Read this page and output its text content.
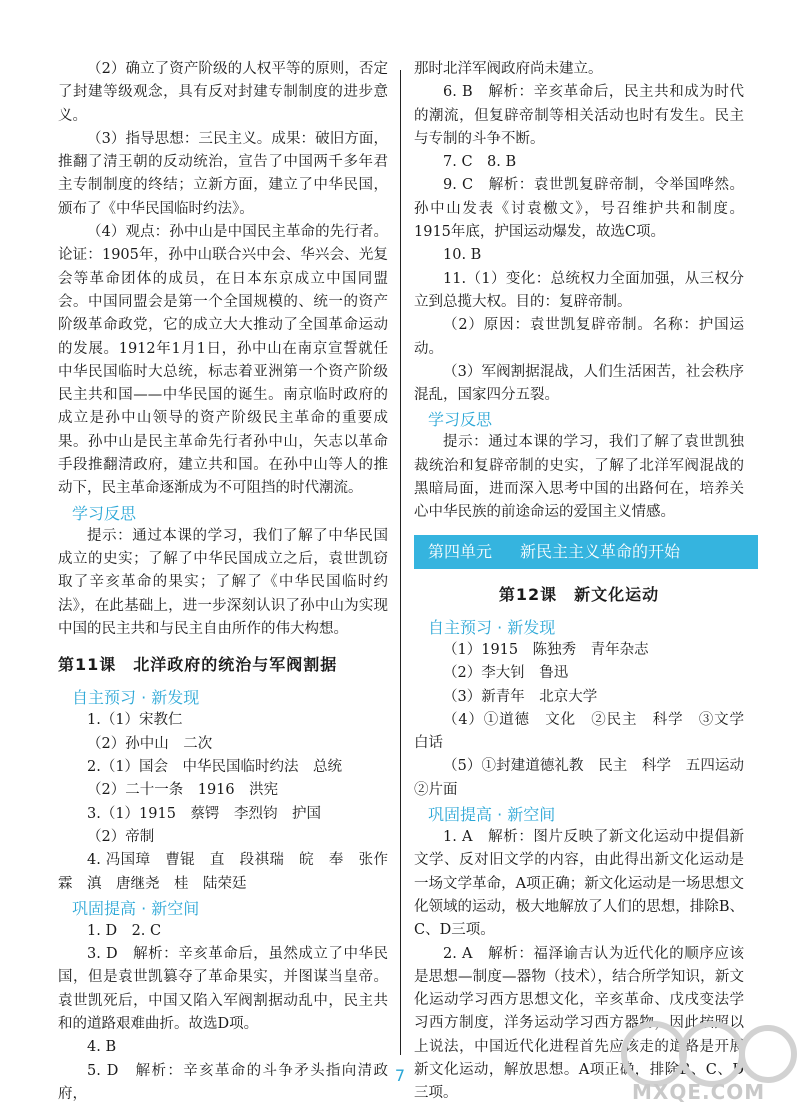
（2）确立了资产阶级的人权平等的原则，否定了封建等级观念，具有反对封建专制制度的进步意义。

（3）指导思想：三民主义。成果：破旧方面，推翻了清王朝的反动统治，宣告了中国两千多年君主专制制度的终结；立新方面，建立了中华民国，颁布了《中华民国临时约法》。

（4）观点：孙中山是中国民主革命的先行者。论证：1905年，孙中山联合兴中会、华兴会、光复会等革命团体的成员，在日本东京成立中国同盟会。中国同盟会是第一个全国规模的、统一的资产阶级革命政党，它的成立大大推动了全国革命运动的发展。1912年1月1日，孙中山在南京宣誓就任中华民国临时大总统，标志着亚洲第一个资产阶级民主共和国——中华民国的诞生。南京临时政府的成立是孙中山领导的资产阶级民主革命的重要成果。孙中山是民主革命先行者孙中山，矢志以革命手段推翻清政府，建立共和国。在孙中山等人的推动下，民主革命逐渐成为不可阻挡的时代潮流。

学习反思

提示：通过本课的学习，我们了解了中华民国成立的史实；了解了中华民国成立之后，袁世凯窃取了辛亥革命的果实；了解了《中华民国临时约法》，在此基础上，进一步深刻认识了孙中山为实现中国的民主共和与民主自由所作的伟大构想。

第11课　北洋政府的统治与军阀割据
自主预习 · 新发现

1.（1）宋教仁

（2）孙中山　二次

2.（1）国会　中华民国临时约法　总统

（2）二十一条　1916　洪宪

3.（1）1915　蔡锷　李烈钧　护国

（2）帝制

4. 冯国璋　曹锟　直　段祺瑞　皖　奉　张作霖　滇　唐继尧　桂　陆荣廷

巩固提高 · 新空间

1. D　2. C

3. D　解析：辛亥革命后，虽然成立了中华民国，但是袁世凯篡夺了革命果实，并图谋当皇帝。袁世凯死后，中国又陷入军阀割据动乱中，民主共和的道路艰难曲折。故选D项。

4. B

5. D　解析：辛亥革命的斗争矛头指向清政府，

那时北洋军阀政府尚未建立。

6. B　解析：辛亥革命后，民主共和成为时代的潮流，但复辟帝制等相关活动也时有发生。民主与专制的斗争不断。

7. C　8. B

9. C　解析：袁世凯复辟帝制，令举国哗然。孙中山发表《讨袁檄文》，号召维护共和制度。1915年底，护国运动爆发，故选C项。

10. B

11.（1）变化：总统权力全面加强，从三权分立到总揽大权。目的：复辟帝制。

（2）原因：袁世凯复辟帝制。名称：护国运动。

（3）军阀割据混战，人们生活困苦，社会秩序混乱，国家四分五裂。

学习反思

提示：通过本课的学习，我们了解了袁世凯独裁统治和复辟帝制的史实，了解了北洋军阀混战的黑暗局面，进而深入思考中国的出路何在，培养关心中华民族的前途命运的爱国主义情感。

第四单元 新民主主义革命的开始
第12课　新文化运动
自主预习 · 新发现

（1）1915　陈独秀　青年杂志

（2）李大钊　鲁迅

（3）新青年　北京大学

（4）①道德　文化　②民主　科学　③文学　白话

（5）①封建道德礼教　民主　科学　五四运动　②片面

巩固提高 · 新空间

1. A　解析：图片反映了新文化运动中提倡新文学、反对旧文学的内容，由此得出新文化运动是一场文学革命，A项正确；新文化运动是一场思想文化领域的运动，极大地解放了人们的思想，排除B、C、D三项。

2. A　解析：福泽谕吉认为近代化的顺序应该是思想—制度—器物（技术），结合所学知识，新文化运动学习西方思想文化，辛亥革命、戊戌变法学习西方制度，洋务运动学习西方器物，因此按照以上说法，中国近代化进程首先应该走的道路是开展新文化运动，解放思想。A项正确，排除B、C、D三项。

7
MXQE.COM
